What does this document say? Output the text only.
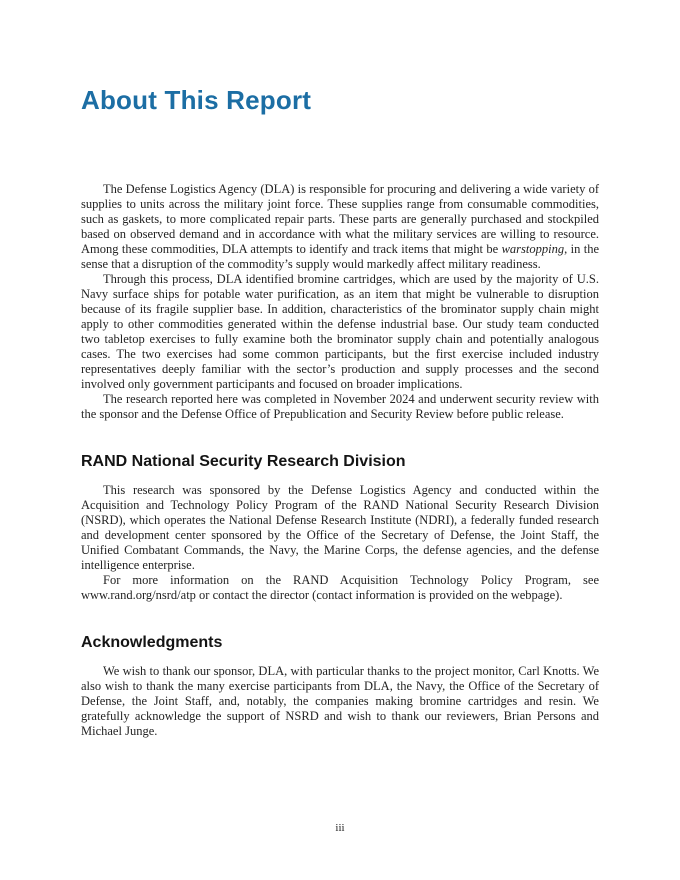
About This Report

The Defense Logistics Agency (DLA) is responsible for procuring and delivering a wide variety of supplies to units across the military joint force. These supplies range from consumable commodities, such as gaskets, to more complicated repair parts. These parts are generally purchased and stockpiled based on observed demand and in accordance with what the military services are willing to resource. Among these commodities, DLA attempts to identify and track items that might be warstopping, in the sense that a disruption of the commodity’s supply would markedly affect military readiness.

Through this process, DLA identified bromine cartridges, which are used by the majority of U.S. Navy surface ships for potable water purification, as an item that might be vulnerable to disruption because of its fragile supplier base. In addition, characteristics of the brominator supply chain might apply to other commodities generated within the defense industrial base. Our study team conducted two tabletop exercises to fully examine both the brominator supply chain and potentially analogous cases. The two exercises had some common participants, but the first exercise included industry representatives deeply familiar with the sector’s production and supply processes and the second involved only government participants and focused on broader implications.

The research reported here was completed in November 2024 and underwent security review with the sponsor and the Defense Office of Prepublication and Security Review before public release.

RAND National Security Research Division

This research was sponsored by the Defense Logistics Agency and conducted within the Acquisition and Technology Policy Program of the RAND National Security Research Division (NSRD), which operates the National Defense Research Institute (NDRI), a federally funded research and development center sponsored by the Office of the Secretary of Defense, the Joint Staff, the Unified Combatant Commands, the Navy, the Marine Corps, the defense agencies, and the defense intelligence enterprise.

For more information on the RAND Acquisition Technology Policy Program, see www.rand.org/nsrd/atp or contact the director (contact information is provided on the webpage).

Acknowledgments

We wish to thank our sponsor, DLA, with particular thanks to the project monitor, Carl Knotts. We also wish to thank the many exercise participants from DLA, the Navy, the Office of the Secretary of Defense, the Joint Staff, and, notably, the companies making bromine cartridges and resin. We gratefully acknowledge the support of NSRD and wish to thank our reviewers, Brian Persons and Michael Junge.

iii
